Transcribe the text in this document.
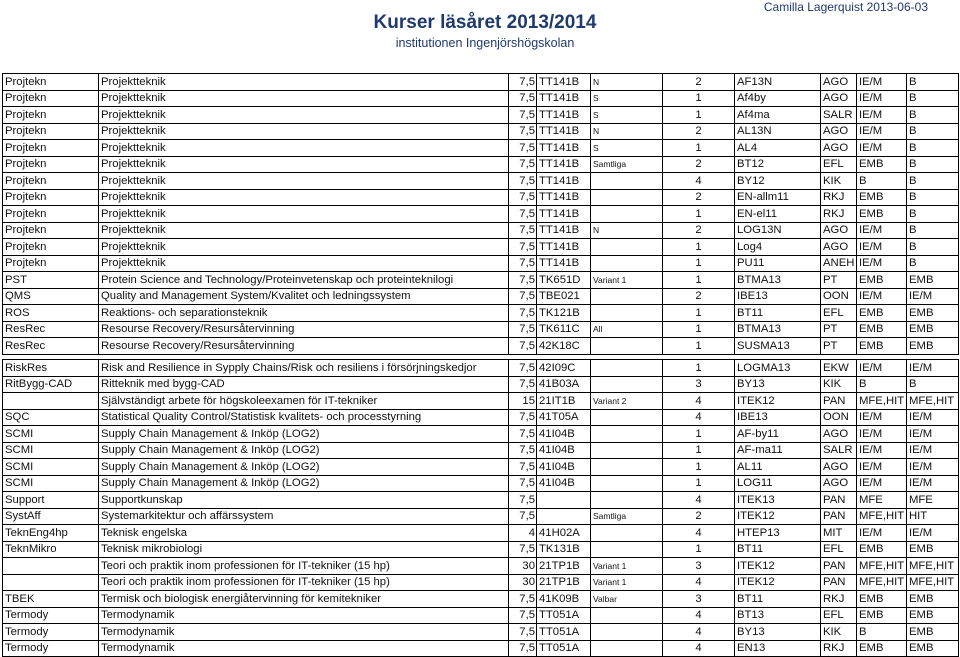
Kurser läsåret 2013/2014
institutionen Ingenjörshögskolan
Camilla Lagerquist 2013-06-03
Projtekn	Projektteknik	7,5	TT141B	N	2	AF13N	AGO	IE/M	B
Projtekn	Projektteknik	7,5	TT141B	S	1	Af4by	AGO	IE/M	B
Projtekn	Projektteknik	7,5	TT141B	S	1	Af4ma	SALR	IE/M	B
Projtekn	Projektteknik	7,5	TT141B	N	2	AL13N	AGO	IE/M	B
Projtekn	Projektteknik	7,5	TT141B	S	1	AL4	AGO	IE/M	B
Projtekn	Projektteknik	7,5	TT141B	Samtliga	2	BT12	EFL	EMB	B
Projtekn	Projektteknik	7,5	TT141B		4	BY12	KIK	B	B
Projtekn	Projektteknik	7,5	TT141B		2	EN-allm11	RKJ	EMB	B
Projtekn	Projektteknik	7,5	TT141B		1	EN-el11	RKJ	EMB	B
Projtekn	Projektteknik	7,5	TT141B	N	2	LOG13N	AGO	IE/M	B
Projtekn	Projektteknik	7,5	TT141B		1	Log4	AGO	IE/M	B
Projtekn	Projektteknik	7,5	TT141B		1	PU11	ANEH	IE/M	B
PST	Protein Science and Technology/Proteinvetenskap och proteinteknilogi	7,5	TK651D	Variant 1	1	BTMA13	PT	EMB	EMB
QMS	Quality and Management System/Kvalitet och ledningssystem	7,5	TBE021		2	IBE13	OON	IE/M	IE/M
ROS	Reaktions- och separationsteknik	7,5	TK121B		1	BT11	EFL	EMB	EMB
ResRec	Resourse Recovery/Resursåtervinning	7,5	TK611C	All	1	BTMA13	PT	EMB	EMB
ResRec	Resourse Recovery/Resursåtervinning	7,5	42K18C		1	SUSMA13	PT	EMB	EMB
RiskRes	Risk and Resilience in Sypply Chains/Risk och resiliens i försörjningskedjor	7,5	42I09C		1	LOGMA13	EKW	IE/M	IE/M
RitBygg-CAD	Ritteknik med bygg-CAD	7,5	41B03A		3	BY13	KIK	B	B
	Självständigt arbete för högskoleexamen för IT-tekniker	15	21IT1B	Variant 2	4	ITEK12	PAN	MFE,HIT	MFE,HIT
SQC	Statistical Quality Control/Statistisk kvalitets- och processtyrning	7,5	41T05A		4	IBE13	OON	IE/M	IE/M
SCMI	Supply Chain Management & Inköp (LOG2)	7,5	41I04B		1	AF-by11	AGO	IE/M	IE/M
SCMI	Supply Chain Management & Inköp (LOG2)	7,5	41I04B		1	AF-ma11	SALR	IE/M	IE/M
SCMI	Supply Chain Management & Inköp (LOG2)	7,5	41I04B		1	AL11	AGO	IE/M	IE/M
SCMI	Supply Chain Management & Inköp (LOG2)	7,5	41I04B		1	LOG11	AGO	IE/M	IE/M
Support	Supportkunskap	7,5			4	ITEK13	PAN	MFE	MFE
SystAff	Systemarkitektur och affärssystem	7,5		Samtliga	2	ITEK12	PAN	MFE,HIT	HIT
TeknEng4hp	Teknisk engelska	4	41H02A		4	HTEP13	MIT	IE/M	IE/M
TeknMikro	Teknisk mikrobiologi	7,5	TK131B		1	BT11	EFL	EMB	EMB
	Teori och praktik inom professionen för IT-tekniker (15 hp)	30	21TP1B	Variant 1	3	ITEK12	PAN	MFE,HIT	MFE,HIT
	Teori och praktik inom professionen för IT-tekniker (15 hp)	30	21TP1B	Variant 1	4	ITEK12	PAN	MFE,HIT	MFE,HIT
TBEK	Termisk och biologisk energiåtervinning för kemitekniker	7,5	41K09B	Valbar	3	BT11	RKJ	EMB	EMB
Termody	Termodynamik	7,5	TT051A		4	BT13	EFL	EMB	EMB
Termody	Termodynamik	7,5	TT051A		4	BY13	KIK	B	EMB
Termody	Termodynamik	7,5	TT051A		4	EN13	RKJ	EMB	EMB
